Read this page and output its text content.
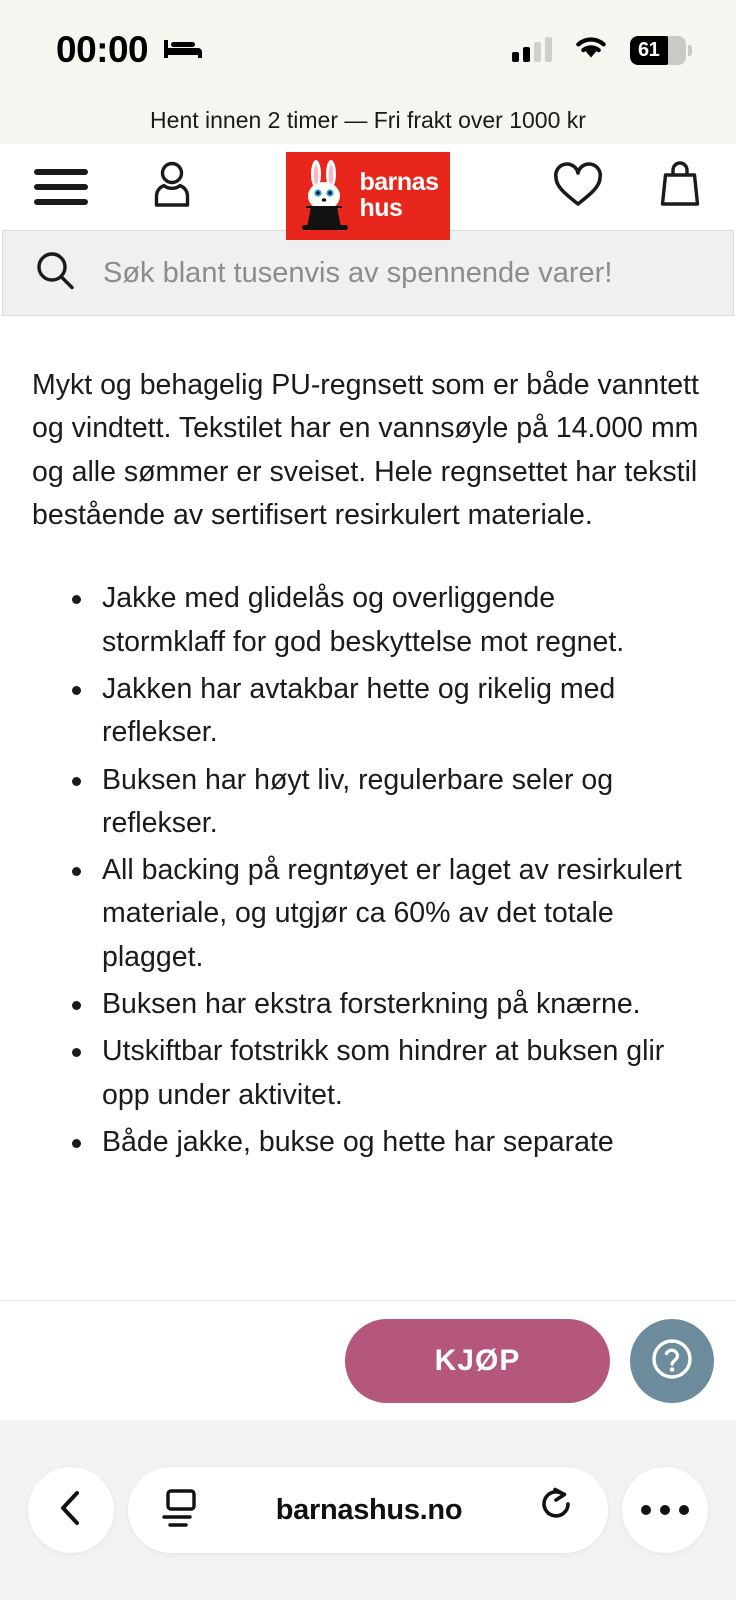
00:00	61
Hent innen 2 timer — Fri frakt over 1000 kr
barnas
hus
Søk blant tusenvis av spennende varer!

Mykt og behagelig PU-regnsett som er både vanntett og vindtett. Tekstilet har en vannsøyle på 14.000 mm og alle sømmer er sveiset. Hele regnsettet har tekstil bestående av sertifisert resirkulert materiale.

Jakke med glidelås og overliggende stormklaff for god beskyttelse mot regnet.
Jakken har avtakbar hette og rikelig med reflekser.
Buksen har høyt liv, regulerbare seler og reflekser.
All backing på regntøyet er laget av resirkulert materiale, og utgjør ca 60% av det totale plagget.
Buksen har ekstra forsterkning på knærne.
Utskiftbar fotstrikk som hindrer at buksen glir opp under aktivitet.
Både jakke, bukse og hette har separate
KJØP
barnashus.no
